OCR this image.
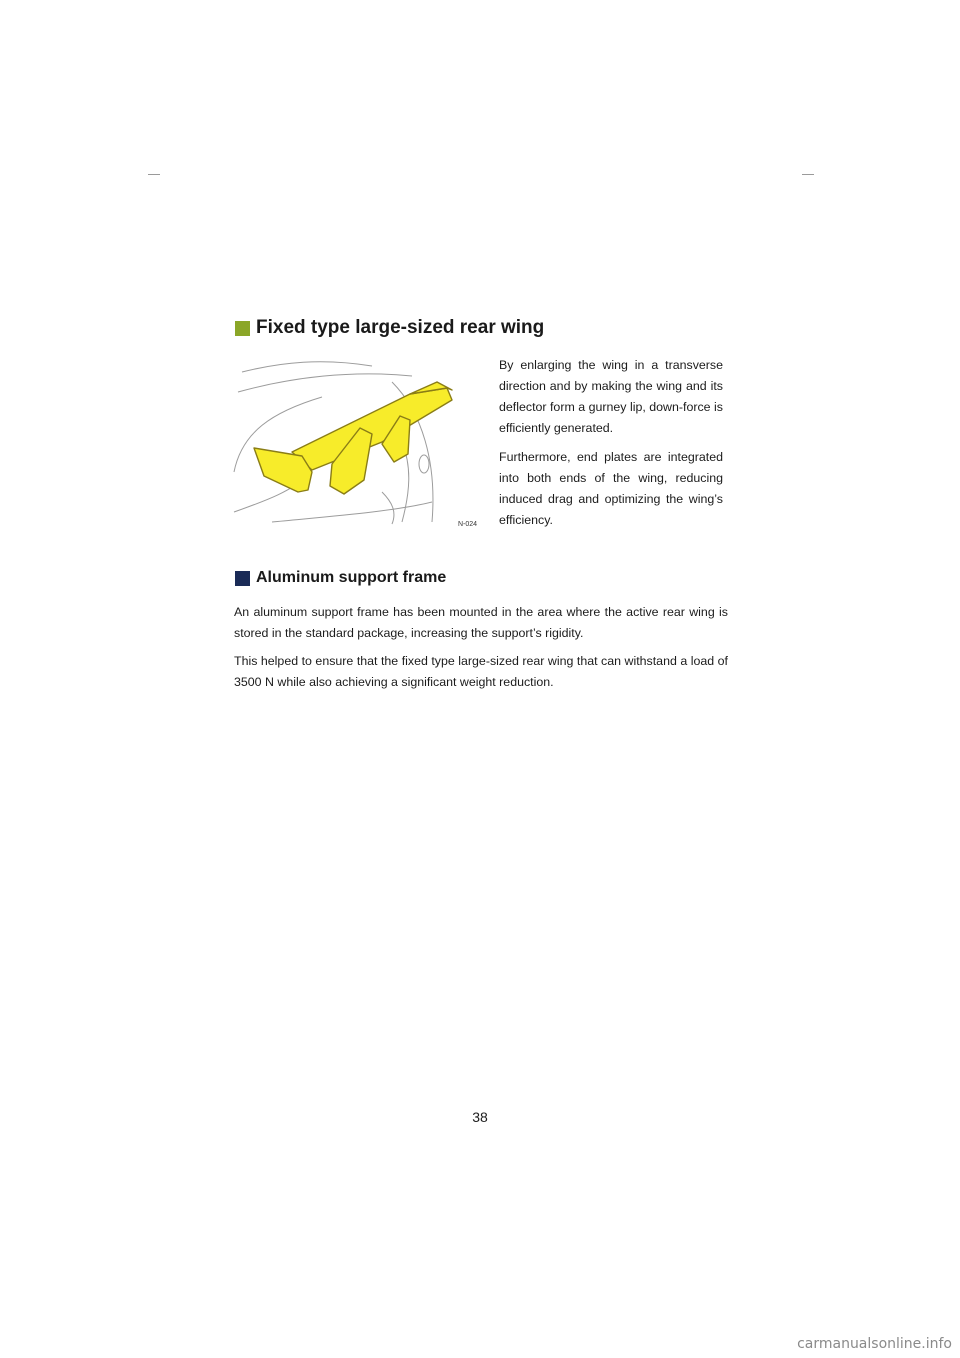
Fixed type large-sized rear wing
N-024

By enlarging the wing in a transverse direction and by making the wing and its deflector form a gurney lip, down-force is efficiently generated.

Furthermore, end plates are integrated into both ends of the wing, reducing induced drag and optimizing the wing’s efficiency.

Aluminum support frame

An aluminum support frame has been mounted in the area where the active rear wing is stored in the standard package, increasing the support’s rigidity.

This helped to ensure that the fixed type large-sized rear wing that can withstand a load of 3500 N while also achieving a significant weight reduction.

38
carmanualsonline.info
